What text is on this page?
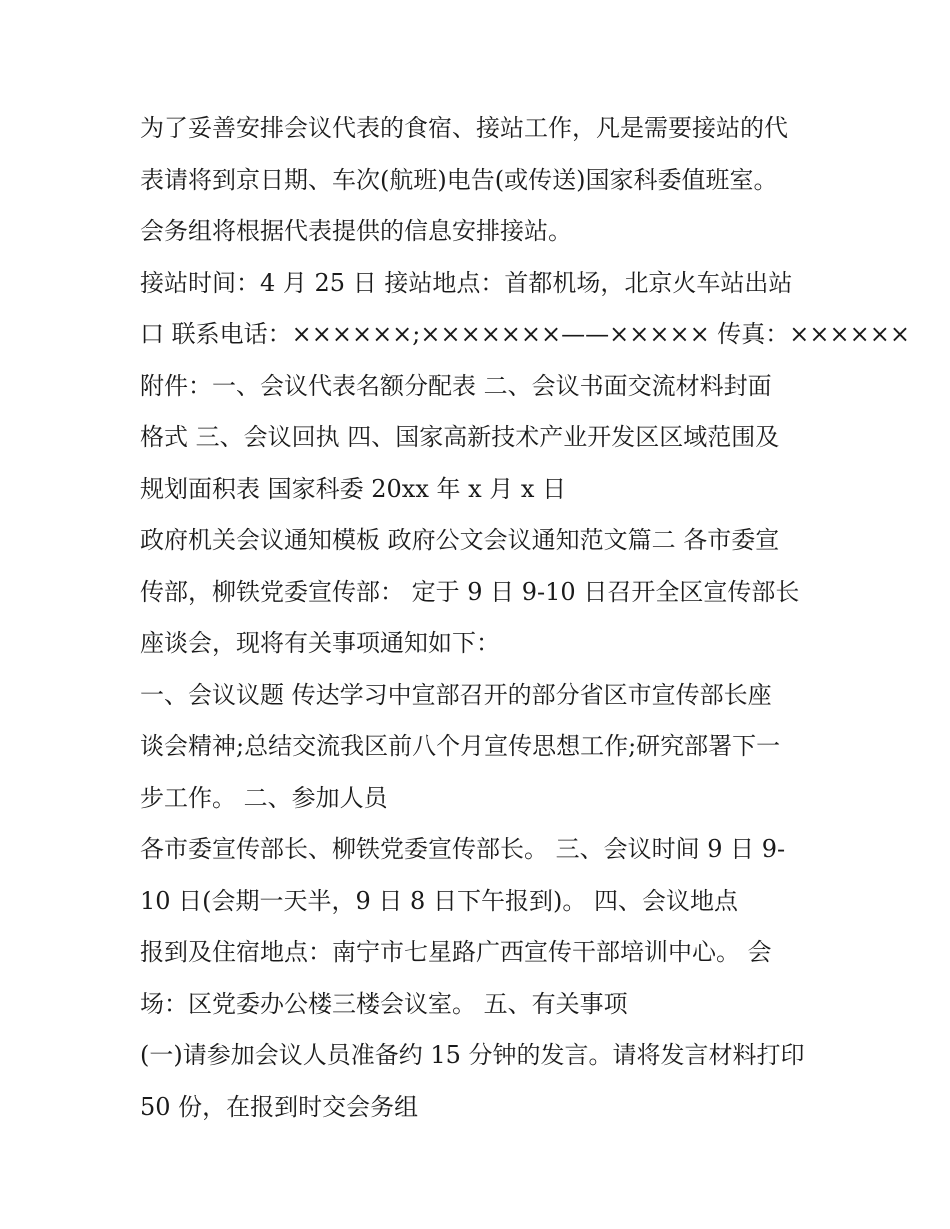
为了妥善安排会议代表的食宿、接站工作，凡是需要接站的代
表请将到京日期、车次(航班)电告(或传送)国家科委值班室。
会务组将根据代表提供的信息安排接站。
接站时间：4 月 25 日 接站地点：首都机场，北京火车站出站
口 联系电话：××××××;×××××××——××××× 传真：××××××
附件：一、会议代表名额分配表 二、会议书面交流材料封面
格式 三、会议回执 四、国家高新技术产业开发区区域范围及
规划面积表 国家科委 20xx 年 x 月 x 日
政府机关会议通知模板 政府公文会议通知范文篇二 各市委宣
传部，柳铁党委宣传部： 定于 9 日 9-10 日召开全区宣传部长
座谈会，现将有关事项通知如下：
一、会议议题 传达学习中宣部召开的部分省区市宣传部长座
谈会精神;总结交流我区前八个月宣传思想工作;研究部署下一
步工作。 二、参加人员
各市委宣传部长、柳铁党委宣传部长。 三、会议时间 9 日 9-
10 日(会期一天半，9 日 8 日下午报到)。 四、会议地点
报到及住宿地点：南宁市七星路广西宣传干部培训中心。 会
场：区党委办公楼三楼会议室。 五、有关事项
(一)请参加会议人员准备约 15 分钟的发言。请将发言材料打印
50 份，在报到时交会务组
